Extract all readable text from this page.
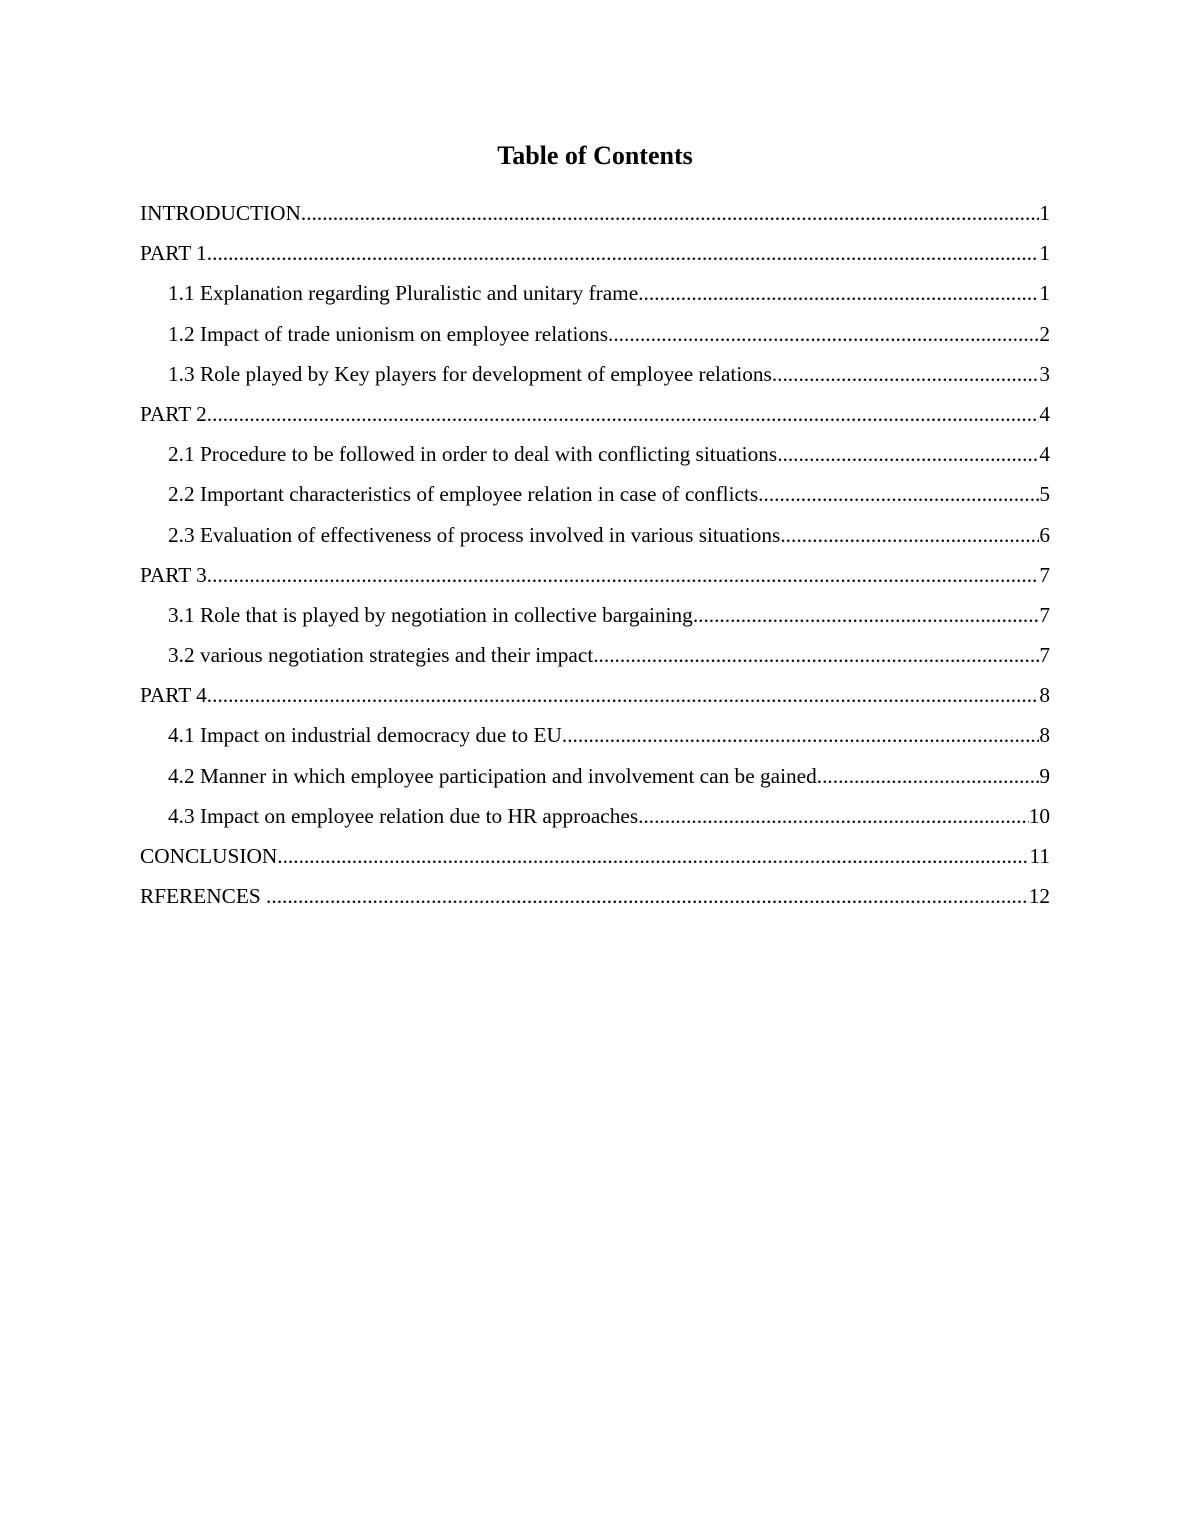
Table of Contents
INTRODUCTION .....	1
PART 1 .....	1
1.1 Explanation regarding Pluralistic and unitary frame .....	1
1.2 Impact of trade unionism on employee relations .....	2
1.3 Role played by Key players for development of employee relations .....	3
PART 2 .....	4
2.1 Procedure to be followed in order to deal with conflicting situations .....	4
2.2 Important characteristics of employee relation in case of conflicts .....	5
2.3 Evaluation of effectiveness of process involved in various situations .....	6
PART 3 .....	7
3.1 Role that is played by negotiation in collective bargaining .....	7
3.2 various negotiation strategies and their impact .....	7
PART 4 .....	8
4.1 Impact on industrial democracy due to EU .....	8
4.2 Manner in which employee participation and involvement can be gained .....	9
4.3 Impact on employee relation due to HR approaches .....	10
CONCLUSION .....	11
RFERENCES .....	12
